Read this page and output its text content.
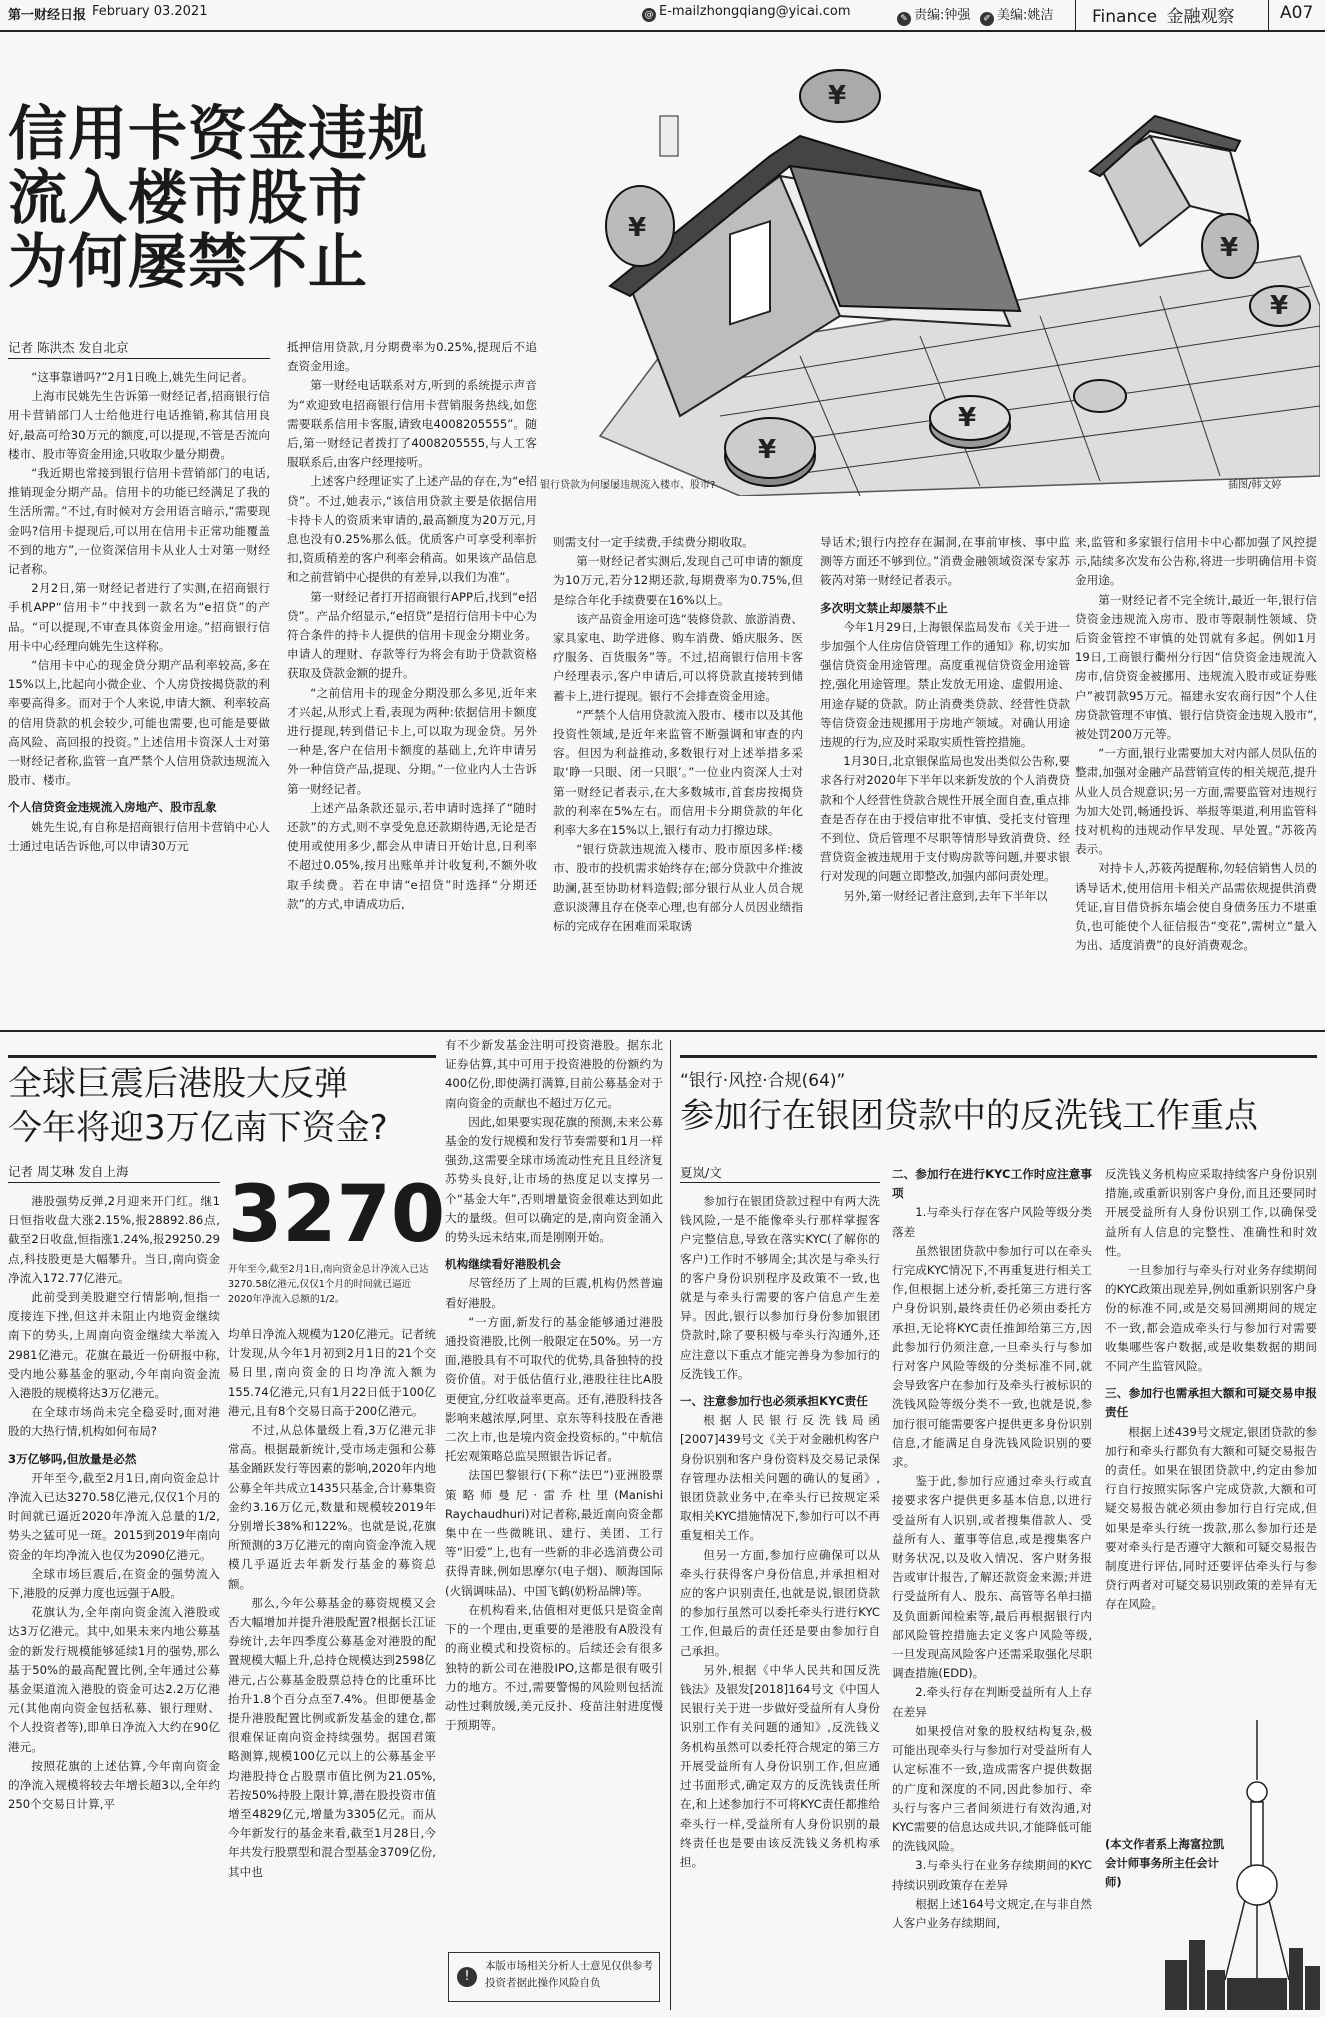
第一财经日报 February 03.2021	@ E-mailzhongqiang@yicai.com	✎ 责编:钟强	✐ 美编:姚洁 Finance 金融观察	A07
信用卡资金违规
流入楼市股市
为何屡禁不止
¥
¥
¥
¥
¥
¥
银行贷款为何屡屡违规流入楼市、股市?	插图/韩文婷
记者 陈洪杰 发自北京

“这事靠谱吗?”2月1日晚上,姚先生问记者。

上海市民姚先生告诉第一财经记者,招商银行信用卡营销部门人士给他进行电话推销,称其信用良好,最高可给30万元的额度,可以提现,不管是否流向楼市、股市等资金用途,只收取少量分期费。

“我近期也常接到银行信用卡营销部门的电话,推销现金分期产品。信用卡的功能已经满足了我的生活所需。”不过,有时候对方会用语言暗示,“需要现金吗?信用卡提现后,可以用在信用卡正常功能覆盖不到的地方”,一位资深信用卡从业人士对第一财经记者称。

2月2日,第一财经记者进行了实测,在招商银行手机APP“信用卡”中找到一款名为“e招贷”的产品。“可以提现,不审查具体资金用途。”招商银行信用卡中心经理向姚先生这样称。

“信用卡中心的现金贷分期产品利率较高,多在15%以上,比起向小微企业、个人房贷按揭贷款的利率要高得多。而对于个人来说,申请大额、利率较高的信用贷款的机会较少,可能也需要,也可能是要做高风险、高回报的投资。”上述信用卡资深人士对第一财经记者称,监管一直严禁个人信用贷款违规流入股市、楼市。

个人信贷资金违规流入房地产、股市乱象

姚先生说,有自称是招商银行信用卡营销中心人士通过电话告诉他,可以申请30万元

抵押信用贷款,月分期费率为0.25%,提现后不追查资金用途。

第一财经电话联系对方,听到的系统提示声音为“欢迎致电招商银行信用卡营销服务热线,如您需要联系信用卡客服,请致电4008205555”。随后,第一财经记者拨打了4008205555,与人工客服联系后,由客户经理接听。

上述客户经理证实了上述产品的存在,为“e招贷”。不过,她表示,“该信用贷款主要是依据信用卡持卡人的资质来审请的,最高额度为20万元,月息也没有0.25%那么低。优质客户可享受利率折扣,资质稍差的客户利率会稍高。如果该产品信息和之前营销中心提供的有差异,以我们为准”。

第一财经记者打开招商银行APP后,找到“e招贷”。产品介绍显示,“e招贷”是招行信用卡中心为符合条件的持卡人提供的信用卡现金分期业务。申请人的理财、存款等行为将会有助于贷款资格获取及贷款金额的提升。

“之前信用卡的现金分期没那么多见,近年来才兴起,从形式上看,表现为两种:依据信用卡额度进行提现,转到借记卡上,可以取为现金贷。另外一种是,客户在信用卡额度的基础上,允许申请另外一种信贷产品,提现、分期。”一位业内人士告诉第一财经记者。

上述产品条款还显示,若申请时选择了“随时还款”的方式,则不享受免息还款期待遇,无论是否使用或使用多少,都会从申请日开始计息,日利率不超过0.05%,按月出账单并计收复利,不额外收取手续费。若在申请“e招贷”时选择“分期还款”的方式,申请成功后,

则需支付一定手续费,手续费分期收取。

第一财经记者实测后,发现自己可申请的额度为10万元,若分12期还款,每期费率为0.75%,但是综合年化手续费要在16%以上。

该产品资金用途可选“装修贷款、旅游消费、家具家电、助学进修、购车消费、婚庆服务、医疗服务、百货服务”等。不过,招商银行信用卡客户经理表示,客户申请后,可以将贷款直接转到储蓄卡上,进行提现。银行不会排查资金用途。

“严禁个人信用贷款流入股市、楼市以及其他投资性领域,是近年来监管不断强调和审查的内容。但因为利益推动,多数银行对上述举措多采取‘睁一只眼、闭一只眼’。”一位业内资深人士对第一财经记者表示,在大多数城市,首套房按揭贷款的利率在5%左右。而信用卡分期贷款的年化利率大多在15%以上,银行有动力打擦边球。

“银行贷款违规流入楼市、股市原因多样:楼市、股市的投机需求始终存在;部分贷款中介推波助澜,甚至协助材料造假;部分银行从业人员合规意识淡薄且存在侥幸心理,也有部分人员因业绩指标的完成存在困难而采取诱

导话术;银行内控存在漏洞,在事前审核、事中监测等方面还不够到位。”消费金融领域资深专家苏筱芮对第一财经记者表示。

多次明文禁止却屡禁不止

今年1月29日,上海银保监局发布《关于进一步加强个人住房信贷管理工作的通知》称,切实加强信贷资金用途管理。高度重视信贷资金用途管控,强化用途管理。禁止发放无用途、虚假用途、用途存疑的贷款。防止消费类贷款、经营性贷款等信贷资金违规挪用于房地产领域。对确认用途违规的行为,应及时采取实质性管控措施。

1月30日,北京银保监局也发出类似公告称,要求各行对2020年下半年以来新发放的个人消费贷款和个人经营性贷款合规性开展全面自查,重点排查是否存在由于授信审批不审慎、受托支付管理不到位、贷后管理不尽职等情形导致消费贷、经营贷资金被违规用于支付购房款等问题,并要求银行对发现的问题立即整改,加强内部问责处理。

另外,第一财经记者注意到,去年下半年以

来,监管和多家银行信用卡中心都加强了风控提示,陆续多次发布公告称,将进一步明确信用卡资金用途。

第一财经记者不完全统计,最近一年,银行信贷资金违规流入房市、股市等限制性领域、贷后资金管控不审慎的处罚就有多起。例如1月19日,工商银行衢州分行因“信贷资金违规流入房市,信贷资金被挪用、违规流入股市或证券账户”被罚款95万元。福建永安农商行因“个人住房贷款管理不审慎、银行信贷资金违规入股市”,被处罚200万元等。

“一方面,银行业需要加大对内部人员队伍的整肃,加强对金融产品营销宣传的相关规范,提升从业人员合规意识;另一方面,需要监管对违规行为加大处罚,畅通投诉、举报等渠道,利用监管科技对机构的违规动作早发现、早处置。”苏筱芮表示。

对持卡人,苏筱芮提醒称,勿轻信销售人员的诱导话术,使用信用卡相关产品需依规提供消费凭证,盲目借贷拆东墙会使自身债务压力不堪重负,也可能使个人征信报告“变花”,需树立“量入为出、适度消费”的良好消费观念。

全球巨震后港股大反弹
今年将迎3万亿南下资金?
记者 周艾琳 发自上海 3270
开年至今,截至2月1日,南向资金总计净流入已达3270.58亿港元,仅仅1个月的时间就已逼近2020年净流入总额的1/2。

港股强势反弹,2月迎来开门红。继1日恒指收盘大涨2.15%,报28892.86点,截至2日收盘,恒指涨1.24%,报29250.29点,科技股更是大幅攀升。当日,南向资金净流入172.77亿港元。

此前受到美股避空行情影响,恒指一度接连下挫,但这并未阻止内地资金继续南下的势头,上周南向资金继续大举流入2981亿港元。花旗在最近一份研报中称,受内地公募基金的驱动,今年南向资金流入港股的规模将达3万亿港元。

在全球市场尚未完全稳妥时,面对港股的大热行情,机构如何布局?

3万亿够吗,但放量是必然

开年至今,截至2月1日,南向资金总计净流入已达3270.58亿港元,仅仅1个月的时间就已逼近2020年净流入总量的1/2,势头之猛可见一斑。2015到2019年南向资金的年均净流入也仅为2090亿港元。

全球市场巨震后,在资金的强势流入下,港股的反弹力度也远强于A股。

花旗认为,全年南向资金流入港股或达3万亿港元。其中,如果未来内地公募基金的新发行规模能够延续1月的强势,那么基于50%的最高配置比例,全年通过公募基金渠道流入港股的资金可达2.2万亿港元(其他南向资金包括私募、银行理财、个人投资者等),即单日净流入大约在90亿港元。

按照花旗的上述估算,今年南向资金的净流入规模将较去年增长超3以,全年约250个交易日计算,平

均单日净流入规模为120亿港元。记者统计发现,从今年1月初到2月1日的21个交易日里,南向资金的日均净流入额为155.74亿港元,只有1月22日低于100亿港元,且有8个交易日高于200亿港元。

不过,从总体量级上看,3万亿港元非常高。根据最新统计,受市场走强和公募基金踊跃发行等因素的影响,2020年内地公募全年共成立1435只基金,合计募集资金约3.16万亿元,数量和规模较2019年分别增长38%和122%。也就是说,花旗所预测的3万亿港元的南向资金净流入规模几乎逼近去年新发行基金的募资总额。

那么,今年公募基金的募资规模又会否大幅增加并提升港股配置?根据长江证券统计,去年四季度公募基金对港股的配置规模大幅上升,总持仓规模达到2598亿港元,占公募基金股票总持仓的比重环比抬升1.8个百分点至7.4%。但即便基金提升港股配置比例或新发基金的建仓,都很难保证南向资金持续强势。据国君策略测算,规模100亿元以上的公募基金平均港股持仓占股票市值比例为21.05%,若按50%持股上限计算,潜在股投资市值增至4829亿元,增量为3305亿元。而从今年新发行的基金来看,截至1月28日,今年共发行股票型和混合型基金3709亿份,其中也

有不少新发基金注明可投资港股。据东北证券估算,其中可用于投资港股的份额约为400亿份,即使满打满算,目前公募基金对于南向资金的贡献也不超过万亿元。

因此,如果要实现花旗的预测,未来公募基金的发行规模和发行节奏需要和1月一样强劲,这需要全球市场流动性充且且经济复苏势头良好,让市场的热度足以支撑另一个“基金大年”,否则增量资金很难达到如此大的量级。但可以确定的是,南向资金涌入的势头远未结束,而是刚刚开始。

机构继续看好港股机会

尽管经历了上周的巨震,机构仍然普遍看好港股。

“一方面,新发行的基金能够通过港股通投资港股,比例一般限定在50%。另一方面,港股具有不可取代的优势,具备独特的投资价值。对于低估值行业,港股往往比A股更便宜,分红收益率更高。还有,港股科技各影响来越浓厚,阿里、京东等科技股在香港二次上市,也是境内资金投资标的。”中航信托宏观策略总监吴照银告诉记者。

法国巴黎银行(下称“法巴”)亚洲股票策略师曼尼·雷乔杜里(Manishi Raychaudhuri)对记者称,最近南向资金都集中在一些微眺讯、建行、美团、工行等“旧爱”上,也有一些新的非必选消费公司获得青睐,例如思摩尔(电子烟)、顺海国际(火锅调味品)、中国飞鹤(奶粉品牌)等。

在机构看来,估值相对更低只是资金南下的一个理由,更重要的是港股有A股没有的商业模式和投资标的。后续还会有很多独特的新公司在港股IPO,这都是很有吸引力的地方。不过,需要警惕的风险则包括流动性过剩放缓,美元反扑、疫苗注射进度慢于预期等。

!
本版市场相关分析人士意见仅供参考投资者据此操作风险自负
“银行·风控·合规(64)”
参加行在银团贷款中的反洗钱工作重点
夏岚/文

参加行在银团贷款过程中有两大洗钱风险,一是不能像牵头行那样掌握客户完整信息,导致在落实KYC(了解你的客户)工作时不够周全;其次是与牵头行的客户身份识别程序及政策不一致,也就是与牵头行需要的客户信息产生差异。因此,银行以参加行身份参加银团贷款时,除了要积极与牵头行沟通外,还应注意以下重点才能完善身为参加行的反洗钱工作。

一、注意参加行也必须承担KYC责任

根据人民银行反洗钱局函[2007]439号文《关于对金融机构客户身份识别和客户身份资料及交易记录保存管理办法相关问题的确认的复函》,银团贷款业务中,在牵头行已按规定采取相关KYC措施情况下,参加行可以不再重复相关工作。

但另一方面,参加行应确保可以从牵头行获得客户身份信息,并承担相对应的客户识别责任,也就是说,银团贷款的参加行虽然可以委托牵头行进行KYC工作,但最后的责任还是要由参加行自己承担。

另外,根据《中华人民共和国反洗钱法》及银发[2018]164号文《中国人民银行关于进一步做好受益所有人身份识别工作有关问题的通知》,反洗钱义务机构虽然可以委托符合规定的第三方开展受益所有人身份识别工作,但应通过书面形式,确定双方的反洗钱责任所在,和上述参加行不可将KYC责任都推给牵头行一样,受益所有人身份识别的最终责任也是要由该反洗钱义务机构承担。

二、参加行在进行KYC工作时应注意事项

1.与牵头行存在客户风险等级分类落差

虽然银团贷款中参加行可以在牵头行完成KYC情况下,不再重复进行相关工作,但根据上述分析,委托第三方进行客户身份识别,最终责任仍必须由委托方承担,无论将KYC责任推卸给第三方,因此参加行仍须注意,一旦牵头行与参加行对客户风险等级的分类标准不同,就会导致客户在参加行及牵头行被标识的洗钱风险等级分类不一致,也就是说,参加行很可能需要客户提供更多身份识别信息,才能满足自身洗钱风险识别的要求。

鉴于此,参加行应通过牵头行或直接要求客户提供更多基本信息,以进行受益所有人识别,或者搜集借款人、受益所有人、董事等信息,或是搜集客户财务状况,以及收入情况、客户财务报告或审计报告,了解还款资金来源;并进行受益所有人、股东、高管等名单扫描及负面新闻检索等,最后再根据银行内部风险管控措施去定义客户风险等级,一旦发现高风险客户还需采取强化尽职调查措施(EDD)。

2.牵头行存在判断受益所有人上存在差异

如果授信对象的股权结构复杂,极可能出现牵头行与参加行对受益所有人认定标准不一致,造成需客户提供数据的广度和深度的不同,因此参加行、牵头行与客户三者间须进行有效沟通,对KYC需要的信息达成共识,才能降低可能的洗钱风险。

3.与牵头行在业务存续期间的KYC持续识别政策存在差异

根据上述164号文规定,在与非自然人客户业务存续期间,

反洗钱义务机构应采取持续客户身份识别措施,或重新识别客户身份,而且还要同时开展受益所有人身份识别工作,以确保受益所有人信息的完整性、准确性和时效性。

一旦参加行与牵头行对业务存续期间的KYC政策出现差异,例如重新识别客户身份的标准不同,或是交易回溯期间的规定不一致,都会造成牵头行与参加行对需要收集哪些客户数据,或是收集数据的期间不同产生监管风险。

三、参加行也需承担大额和可疑交易申报责任

根据上述439号文规定,银团贷款的参加行和牵头行都负有大额和可疑交易报告的责任。如果在银团贷款中,约定由参加行自行按照实际客户完成贷款,大额和可疑交易报告就必须由参加行自行完成,但如果是牵头行统一拨款,那么参加行还是要对牵头行是否遵守大额和可疑交易报告制度进行评估,同时还要评估牵头行与参贷行两者对可疑交易识别政策的差异有无存在风险。

(本文作者系上海富拉凯会计师事务所主任会计师)
